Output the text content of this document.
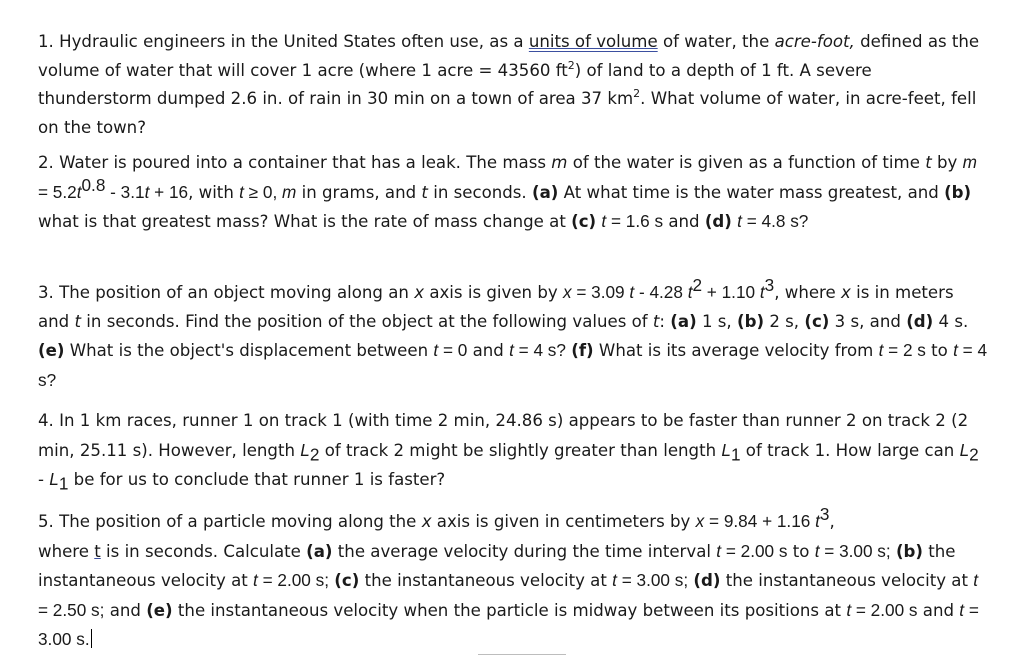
1. Hydraulic engineers in the United States often use, as a units of volume of water, the acre-foot, defined as the volume of water that will cover 1 acre (where 1 acre = 43560 $ft^2$) of land to a depth of 1 ft. A severe thunderstorm dumped 2.6 in. of rain in 30 min on a town of area 37 $km^2$. What volume of water, in acre-feet, fell on the town?

2. Water is poured into a container that has a leak. The mass m of the water is given as a function of time t by $m = 5.2t^{0.8} - 3.1t + 16$, with t ≥ 0, m in grams, and t in seconds. (a) At what time is the water mass greatest, and (b) what is that greatest mass? What is the rate of mass change at (c) t = 1.6 s and (d) t = 4.8 s?

3. The position of an object moving along an x axis is given by x = 3.09 t - 4.28 $t^2 + 1.10$ $t^3$, where x is in meters and t in seconds. Find the position of the object at the following values of t: (a) 1 s, (b) 2 s, (c) 3 s, and (d) 4 s. (e) What is the object's displacement between t = 0 and t = 4 s? (f) What is its average velocity from t = 2 s to t = 4 s?

4. In 1 km races, runner 1 on track 1 (with time 2 min, 24.86 s) appears to be faster than runner 2 on track 2 (2 min, 25.11 s). However, length $L_2$ of track 2 might be slightly greater than length $L_1$ of track 1. How large can $L_2 - L_1$ be for us to conclude that runner 1 is faster?

5. The position of a particle moving along the x axis is given in centimeters by x = 9.84 + 1.16 $t^3$,
where t is in seconds. Calculate (a) the average velocity during the time interval t = 2.00 s to t = 3.00 s; (b) the instantaneous velocity at t = 2.00 s; (c) the instantaneous velocity at t = 3.00 s; (d) the instantaneous velocity at t = 2.50 s; and (e) the instantaneous velocity when the particle is midway between its positions at t = 2.00 s and t = 3.00 s.
